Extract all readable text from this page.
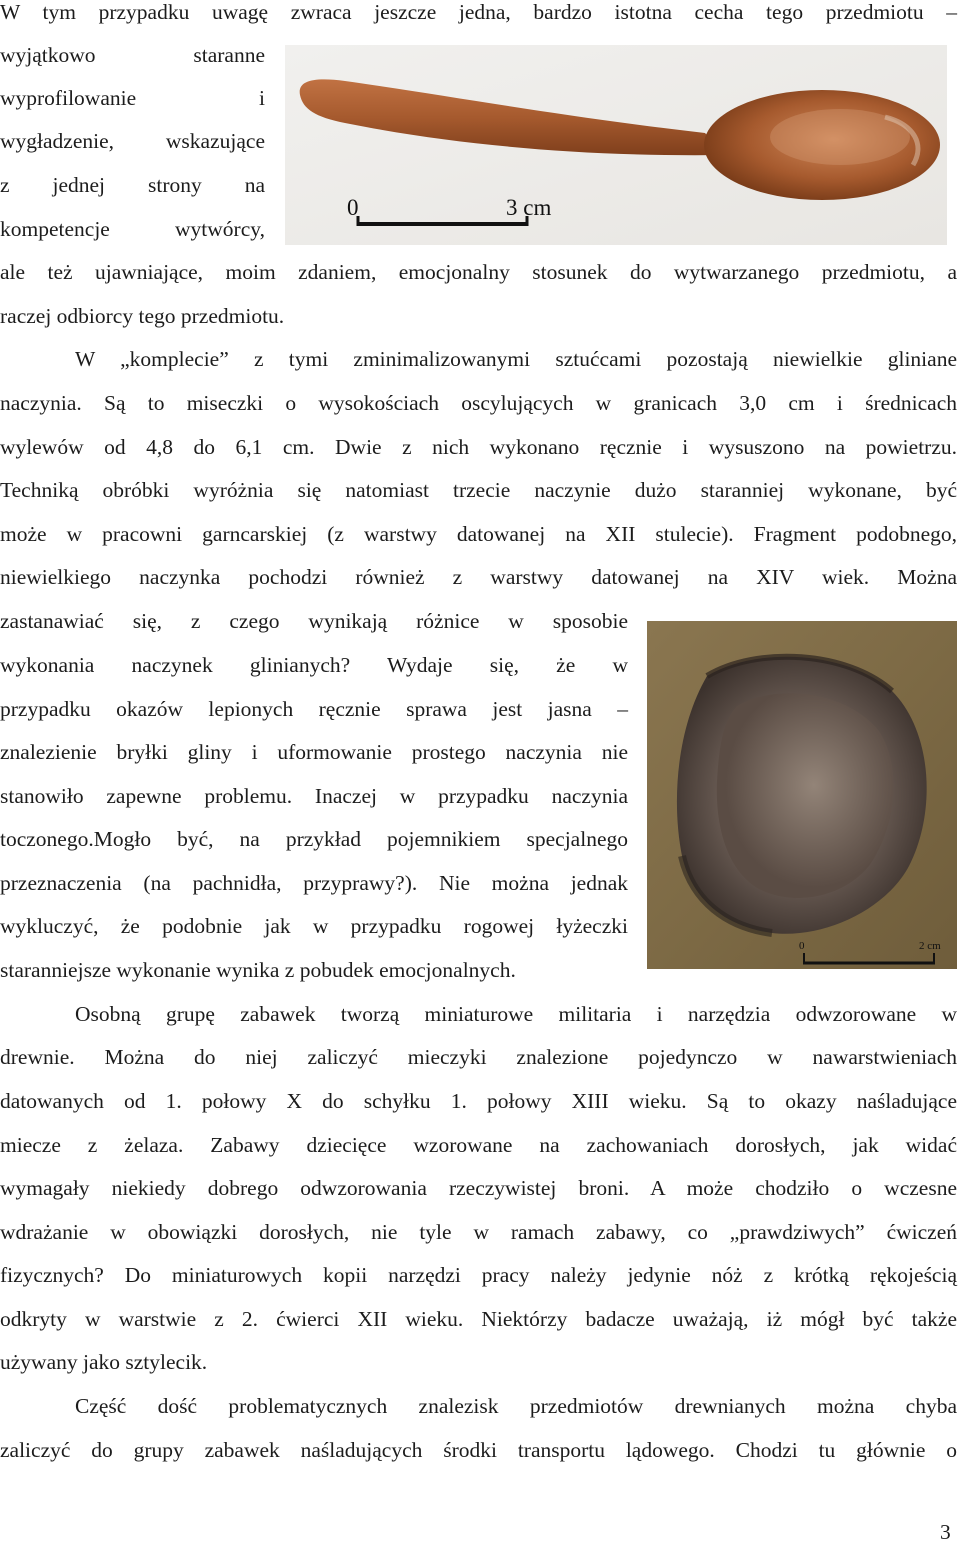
W tym przypadku uwagę zwraca jeszcze jedna, bardzo istotna cecha tego przedmiotu –
wyjątkowo staranne
wyprofilowanie i
wygładzenie, wskazujące
z jednej strony na
kompetencje wytwórcy,
0	3 cm
ale też ujawniające, moim zdaniem, emocjonalny stosunek do wytwarzanego przedmiotu, a
raczej odbiorcy tego przedmiotu.
W „komplecie” z tymi zminimalizowanymi sztućcami pozostają niewielkie gliniane
naczynia. Są to miseczki o wysokościach oscylujących w granicach 3,0 cm i średnicach
wylewów od 4,8 do 6,1 cm. Dwie z nich wykonano ręcznie i wysuszono na powietrzu.
Techniką obróbki wyróżnia się natomiast trzecie naczynie dużo staranniej wykonane, być
może w pracowni garncarskiej (z warstwy datowanej na XII stulecie). Fragment podobnego,
niewielkiego naczynka pochodzi również z warstwy datowanej na XIV wiek. Można
zastanawiać się, z czego wynikają różnice w sposobie
wykonania naczynek glinianych? Wydaje się, że w
przypadku okazów lepionych ręcznie sprawa jest jasna –
znalezienie bryłki gliny i uformowanie prostego naczynia nie
stanowiło zapewne problemu. Inaczej w przypadku naczynia
toczonego.Mogło być, na przykład pojemnikiem specjalnego
przeznaczenia (na pachnidła, przyprawy?). Nie można jednak
wykluczyć, że podobnie jak w przypadku rogowej łyżeczki
staranniejsze wykonanie wynika z pobudek emocjonalnych.
0	2 cm
Osobną grupę zabawek tworzą miniaturowe militaria i narzędzia odwzorowane w
drewnie. Można do niej zaliczyć mieczyki znalezione pojedynczo w nawarstwieniach
datowanych od 1. połowy X do schyłku 1. połowy XIII wieku. Są to okazy naśladujące
miecze z żelaza. Zabawy dziecięce wzorowane na zachowaniach dorosłych, jak widać
wymagały niekiedy dobrego odwzorowania rzeczywistej broni. A może chodziło o wczesne
wdrażanie w obowiązki dorosłych, nie tyle w ramach zabawy, co „prawdziwych” ćwiczeń
fizycznych? Do miniaturowych kopii narzędzi pracy należy jedynie nóż z krótką rękojeścią
odkryty w warstwie z 2. ćwierci XII wieku. Niektórzy badacze uważają, iż mógł być także
używany jako sztylecik.
Część dość problematycznych znalezisk przedmiotów drewnianych można chyba
zaliczyć do grupy zabawek naśladujących środki transportu lądowego. Chodzi tu głównie o
3
